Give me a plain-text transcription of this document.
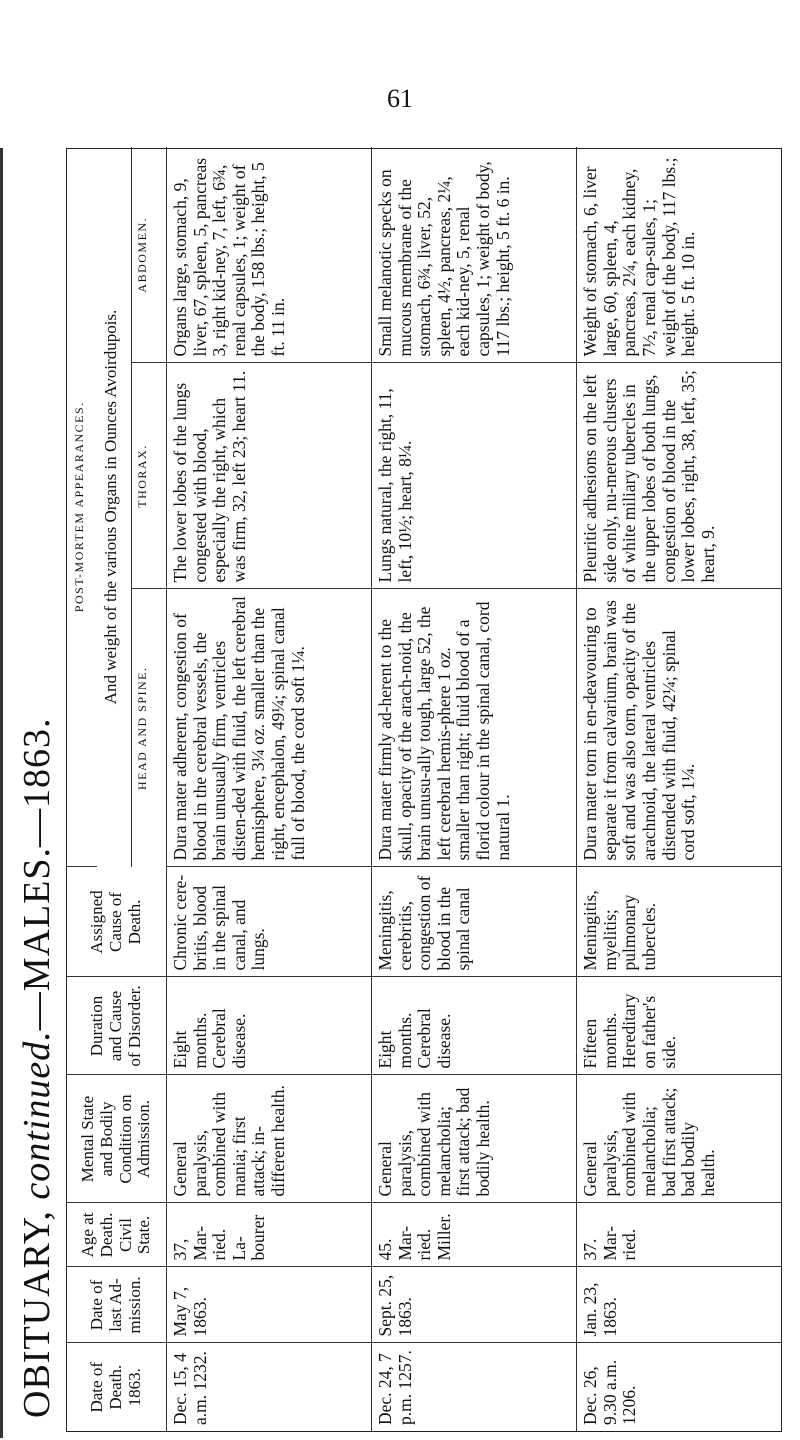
61
OBITUARY, continued.—MALES.—1863.
Date of Death. 1863.	Date of last Ad-mission.	Age at Death. Civil State.	Mental State and Bodily Condition on Admission.	Duration and Cause of Disorder.	Assigned Cause of Death.	POST-MORTEM APPEARANCES.		
						And weight of the various Organs in Ounces Avoirdupois.		
						HEAD AND SPINE.	THORAX.	ABDOMEN.
Dec. 15, 4 a.m. 1232.	May 7, 1863.	37, Mar-ried. La-bourer	General paralysis, combined with mania; first attack; in-different health.	Eight months. Cerebral disease.	Chronic cere-britis, blood in the spinal canal, and lungs.	Dura mater adherent, congestion of blood in the cerebral vessels, the brain unusually firm, ventricles disten-ded with fluid, the left cerebral hemisphere, 3¼ oz. smaller than the right, encephalon, 49¼; spinal canal full of blood, the cord soft 1¼.	The lower lobes of the lungs congested with blood, especially the right, which was firm, 32, left 23; heart 11.	Organs large, stomach, 9, liver, 67, spleen, 5, pancreas 3, right kid-ney, 7, left, 6¾, renal capsules, 1; weight of the body, 158 lbs.; height, 5 ft. 11 in.
Dec. 24, 7 p.m. 1257.	Sept. 25, 1863.	45. Mar-ried. Miller.	General paralysis, combined with melancholia; first attack; bad bodily health.	Eight months. Cerebral disease.	Meningitis, cerebritis, congestion of blood in the spinal canal	Dura mater firmly ad-herent to the skull, opacity of the arach-noid, the brain unusu-ally tough, large 52, the left cerebral hemis-phere 1 oz. smaller than right; fluid blood of a florid colour in the spinal canal, cord natural 1.	Lungs natural, the right, 11, left, 10½; heart, 8¼.	Small melanotic specks on mucous membrane of the stomach, 6¾, liver, 52, spleen, 4½, pancreas, 2¼, each kid-ney, 5, renal capsules, 1; weight of body, 117 lbs.; height, 5 ft. 6 in.
Dec. 26, 9.30 a.m. 1206.	Jan. 23, 1863.	37. Mar-ried.	General paralysis, combined with melancholia; bad first attack; bad bodily health.	Fifteen months. Hereditary on father's side.	Meningitis, myelitis; pulmonary tubercles.	Dura mater torn in en-deavouring to separate it from calvarium, brain was soft and was also torn, opacity of the arachnoid, the lateral ventricles distended with fluid, 42¼; spinal cord soft, 1¼.	Pleuritic adhesions on the left side only, nu-merous clusters of white miliary tubercles in the upper lobes of both lungs, congestion of blood in the lower lobes, right, 38, left, 35; heart, 9.	Weight of stomach, 6, liver large, 60, spleen, 4, pancreas, 2¼, each kidney, 7½, renal cap-sules, 1; weight of the body, 117 lbs.; height. 5 ft. 10 in.
